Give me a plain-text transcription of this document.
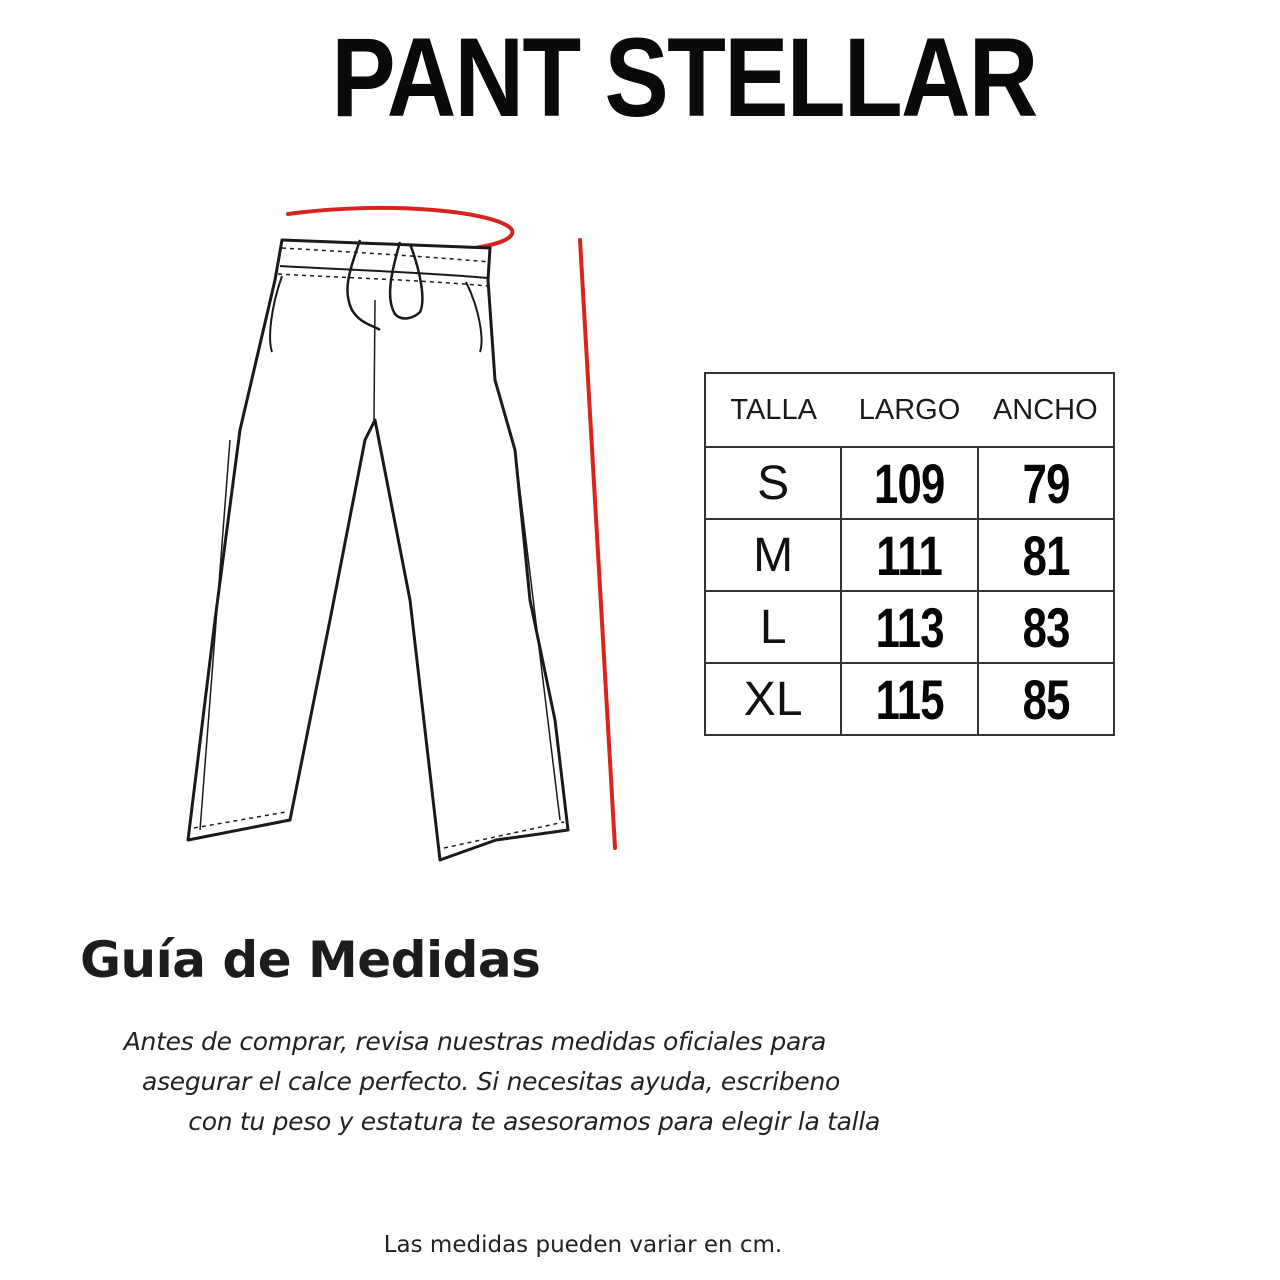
PANT STELLAR
TALLA	LARGO	ANCHO
S	109	79
M	111	81
L	113	83
XL	115	85
Guía de Medidas

Antes de comprar, revisa nuestras medidas oficiales para
asegurar el calce perfecto. Si necesitas ayuda, escribeno
con tu peso y estatura te asesoramos para elegir la talla

Las medidas pueden variar en cm.
